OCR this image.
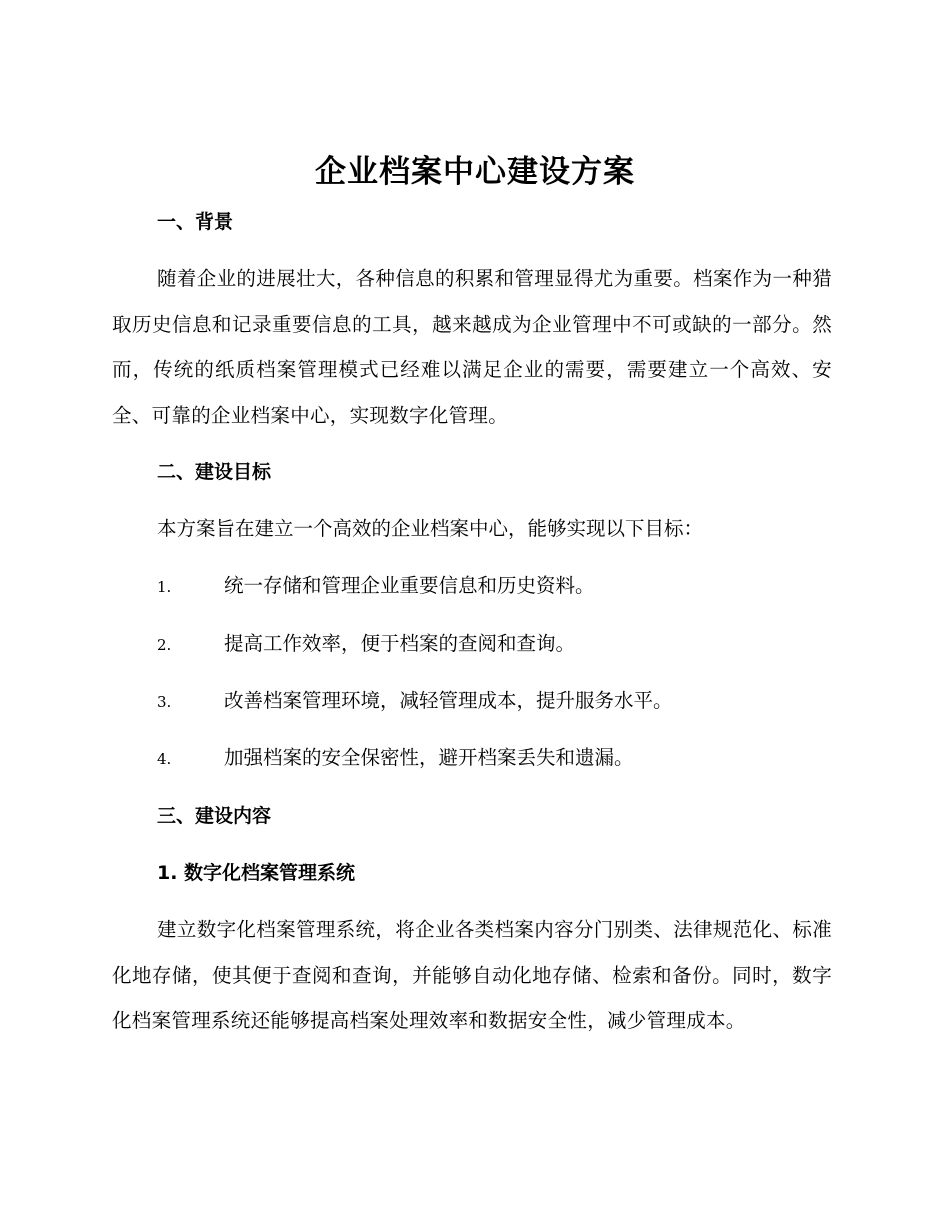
企业档案中心建设方案
一、背景

随着企业的进展壮大，各种信息的积累和管理显得尤为重要。档案作为一种猎取历史信息和记录重要信息的工具，越来越成为企业管理中不可或缺的一部分。然而，传统的纸质档案管理模式已经难以满足企业的需要，需要建立一个高效、安全、可靠的企业档案中心，实现数字化管理。

二、建设目标

本方案旨在建立一个高效的企业档案中心，能够实现以下目标：

1.	统一存储和管理企业重要信息和历史资料。
2.	提高工作效率，便于档案的查阅和查询。
3.	改善档案管理环境，减轻管理成本，提升服务水平。
4.	加强档案的安全保密性，避开档案丢失和遗漏。
三、建设内容
1. 数字化档案管理系统

建立数字化档案管理系统，将企业各类档案内容分门别类、法律规范化、标准化地存储，使其便于查阅和查询，并能够自动化地存储、检索和备份。同时，数字化档案管理系统还能够提高档案处理效率和数据安全性，减少管理成本。
